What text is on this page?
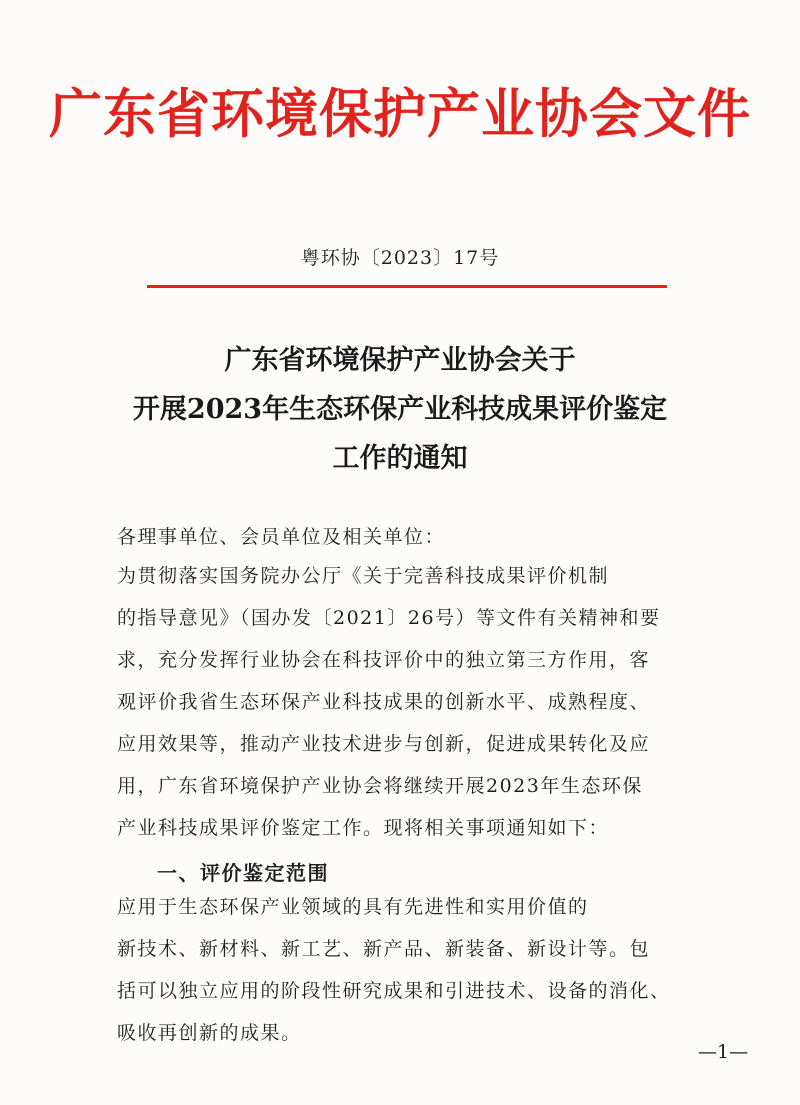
广东省环境保护产业协会文件
粤环协〔2023〕17号
广东省环境保护产业协会关于
开展2023年生态环保产业科技成果评价鉴定
工作的通知
各理事单位、会员单位及相关单位：
为贯彻落实国务院办公厅《关于完善科技成果评价机制
的指导意见》（国办发〔2021〕26号）等文件有关精神和要
求，充分发挥行业协会在科技评价中的独立第三方作用，客
观评价我省生态环保产业科技成果的创新水平、成熟程度、
应用效果等，推动产业技术进步与创新，促进成果转化及应
用，广东省环境保护产业协会将继续开展2023年生态环保
产业科技成果评价鉴定工作。现将相关事项通知如下：
一、评价鉴定范围
应用于生态环保产业领域的具有先进性和实用价值的
新技术、新材料、新工艺、新产品、新装备、新设计等。包
括可以独立应用的阶段性研究成果和引进技术、设备的消化、
吸收再创新的成果。
—1—
